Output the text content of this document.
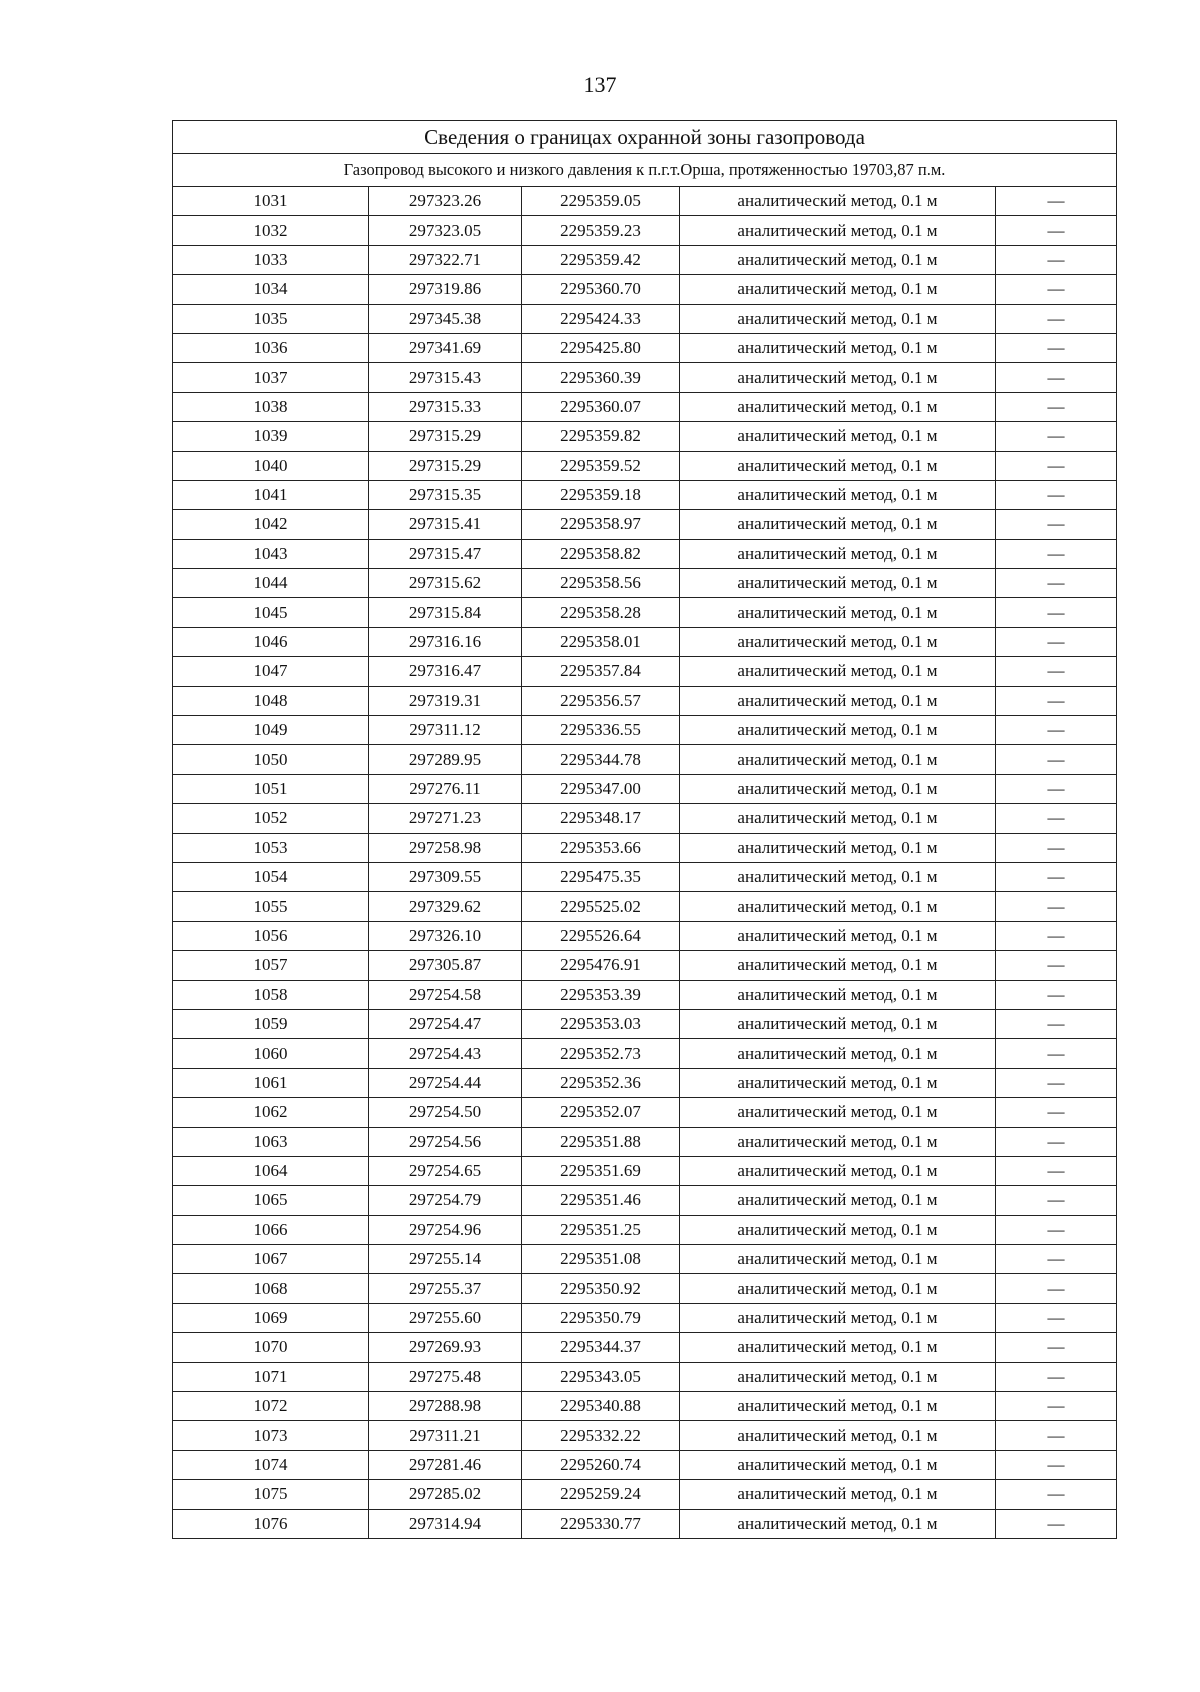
137
Сведения о границах охранной зоны газопровода				
Газопровод высокого и низкого давления к п.г.т.Орша, протяженностью 19703,87 п.м.				
1031	297323.26	2295359.05	аналитический метод, 0.1 м	—
1032	297323.05	2295359.23	аналитический метод, 0.1 м	—
1033	297322.71	2295359.42	аналитический метод, 0.1 м	—
1034	297319.86	2295360.70	аналитический метод, 0.1 м	—
1035	297345.38	2295424.33	аналитический метод, 0.1 м	—
1036	297341.69	2295425.80	аналитический метод, 0.1 м	—
1037	297315.43	2295360.39	аналитический метод, 0.1 м	—
1038	297315.33	2295360.07	аналитический метод, 0.1 м	—
1039	297315.29	2295359.82	аналитический метод, 0.1 м	—
1040	297315.29	2295359.52	аналитический метод, 0.1 м	—
1041	297315.35	2295359.18	аналитический метод, 0.1 м	—
1042	297315.41	2295358.97	аналитический метод, 0.1 м	—
1043	297315.47	2295358.82	аналитический метод, 0.1 м	—
1044	297315.62	2295358.56	аналитический метод, 0.1 м	—
1045	297315.84	2295358.28	аналитический метод, 0.1 м	—
1046	297316.16	2295358.01	аналитический метод, 0.1 м	—
1047	297316.47	2295357.84	аналитический метод, 0.1 м	—
1048	297319.31	2295356.57	аналитический метод, 0.1 м	—
1049	297311.12	2295336.55	аналитический метод, 0.1 м	—
1050	297289.95	2295344.78	аналитический метод, 0.1 м	—
1051	297276.11	2295347.00	аналитический метод, 0.1 м	—
1052	297271.23	2295348.17	аналитический метод, 0.1 м	—
1053	297258.98	2295353.66	аналитический метод, 0.1 м	—
1054	297309.55	2295475.35	аналитический метод, 0.1 м	—
1055	297329.62	2295525.02	аналитический метод, 0.1 м	—
1056	297326.10	2295526.64	аналитический метод, 0.1 м	—
1057	297305.87	2295476.91	аналитический метод, 0.1 м	—
1058	297254.58	2295353.39	аналитический метод, 0.1 м	—
1059	297254.47	2295353.03	аналитический метод, 0.1 м	—
1060	297254.43	2295352.73	аналитический метод, 0.1 м	—
1061	297254.44	2295352.36	аналитический метод, 0.1 м	—
1062	297254.50	2295352.07	аналитический метод, 0.1 м	—
1063	297254.56	2295351.88	аналитический метод, 0.1 м	—
1064	297254.65	2295351.69	аналитический метод, 0.1 м	—
1065	297254.79	2295351.46	аналитический метод, 0.1 м	—
1066	297254.96	2295351.25	аналитический метод, 0.1 м	—
1067	297255.14	2295351.08	аналитический метод, 0.1 м	—
1068	297255.37	2295350.92	аналитический метод, 0.1 м	—
1069	297255.60	2295350.79	аналитический метод, 0.1 м	—
1070	297269.93	2295344.37	аналитический метод, 0.1 м	—
1071	297275.48	2295343.05	аналитический метод, 0.1 м	—
1072	297288.98	2295340.88	аналитический метод, 0.1 м	—
1073	297311.21	2295332.22	аналитический метод, 0.1 м	—
1074	297281.46	2295260.74	аналитический метод, 0.1 м	—
1075	297285.02	2295259.24	аналитический метод, 0.1 м	—
1076	297314.94	2295330.77	аналитический метод, 0.1 м	—
